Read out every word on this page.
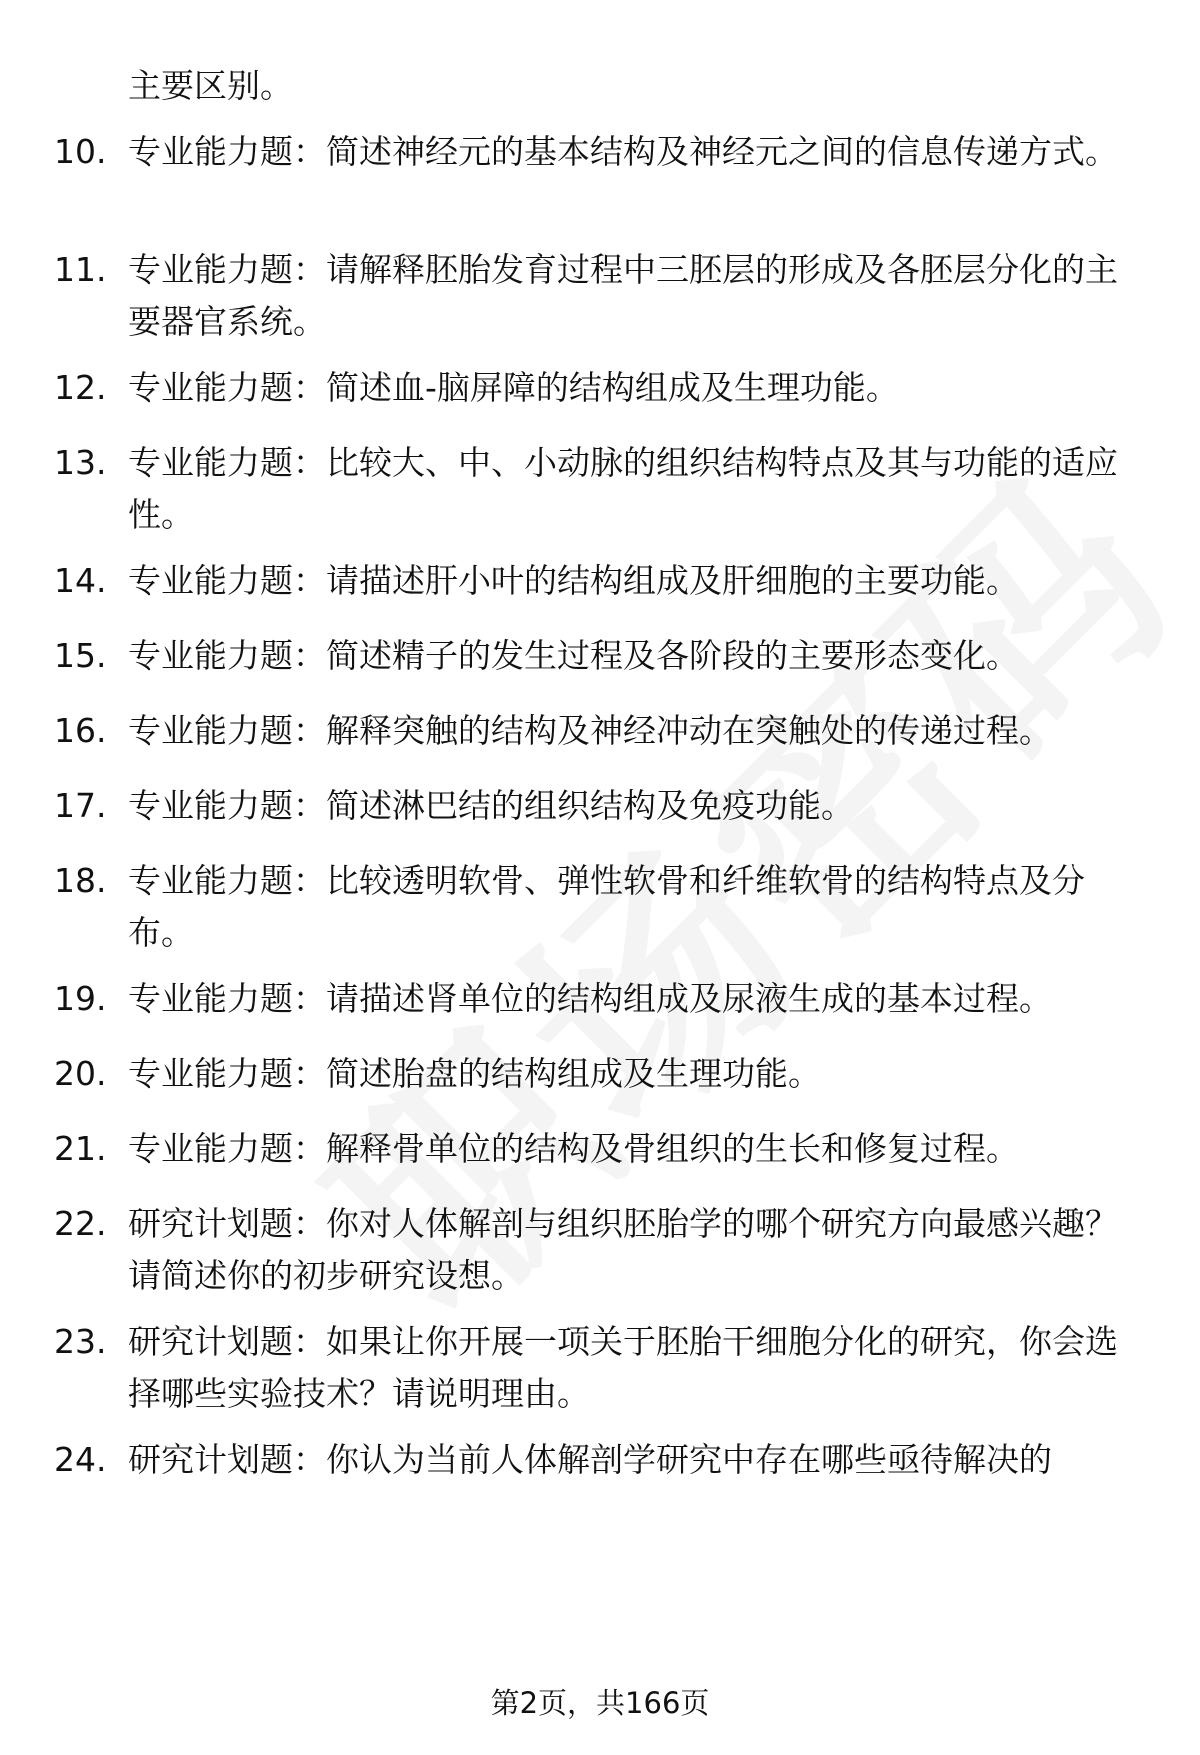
主要区别。
10. 专业能力题：简述神经元的基本结构及神经元之间的信息传递方式。
11. 专业能力题：请解释胚胎发育过程中三胚层的形成及各胚层分化的主要器官系统。
12. 专业能力题：简述血-脑屏障的结构组成及生理功能。
13. 专业能力题：比较大、中、小动脉的组织结构特点及其与功能的适应性。
14. 专业能力题：请描述肝小叶的结构组成及肝细胞的主要功能。
15. 专业能力题：简述精子的发生过程及各阶段的主要形态变化。
16. 专业能力题：解释突触的结构及神经冲动在突触处的传递过程。
17. 专业能力题：简述淋巴结的组织结构及免疫功能。
18. 专业能力题：比较透明软骨、弹性软骨和纤维软骨的结构特点及分布。
19. 专业能力题：请描述肾单位的结构组成及尿液生成的基本过程。
20. 专业能力题：简述胎盘的结构组成及生理功能。
21. 专业能力题：解释骨单位的结构及骨组织的生长和修复过程。
22. 研究计划题：你对人体解剖与组织胚胎学的哪个研究方向最感兴趣？请简述你的初步研究设想。
23. 研究计划题：如果让你开展一项关于胚胎干细胞分化的研究，你会选择哪些实验技术？请说明理由。
24. 研究计划题：你认为当前人体解剖学研究中存在哪些亟待解决的
第2页，共166页
